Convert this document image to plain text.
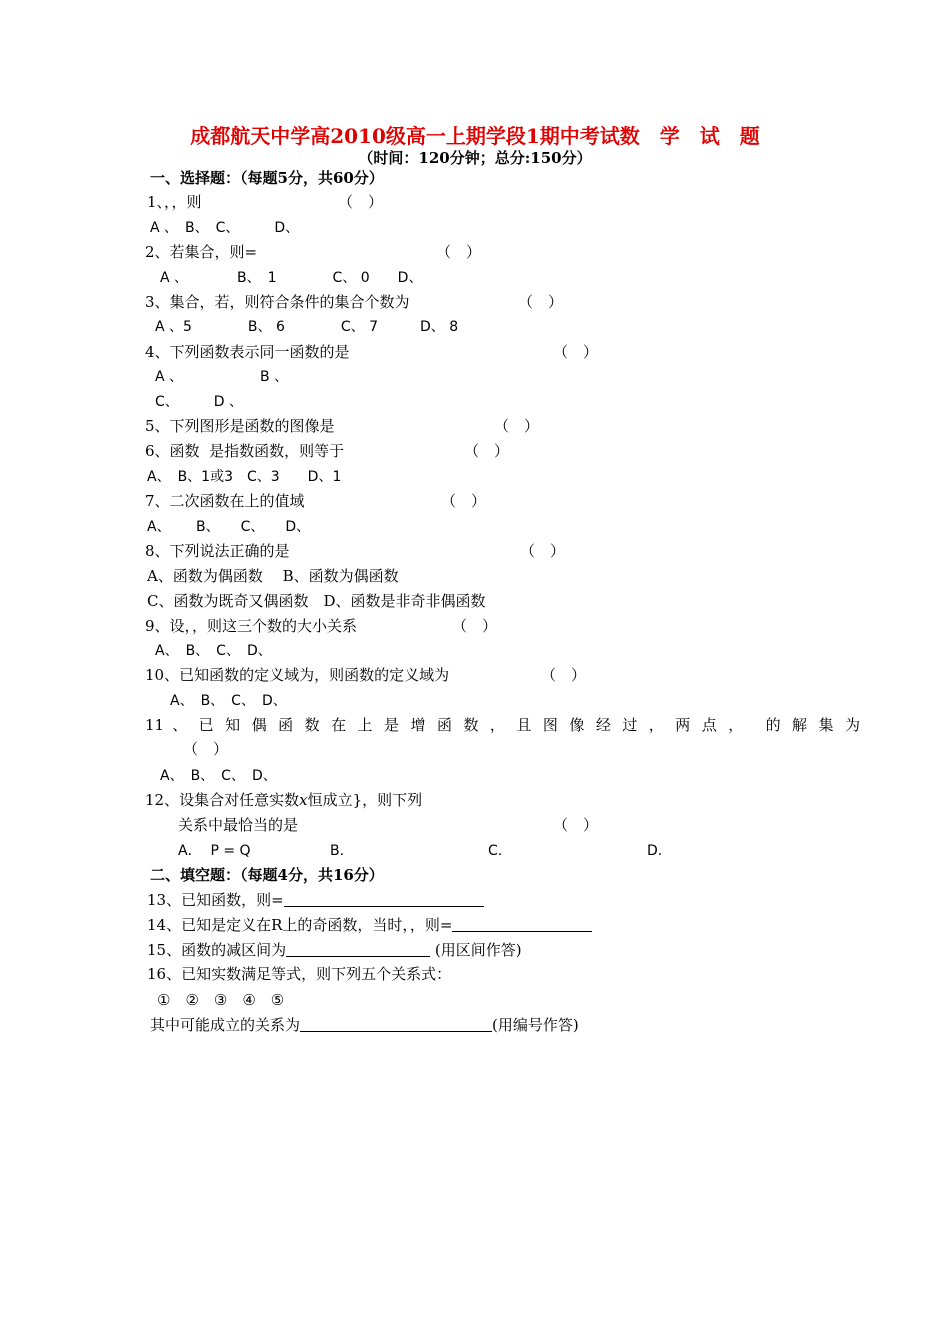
成都航天中学高2010级高一上期学段1期中考试数　学　试　题
（时间：120分钟；总分:150分）
一、选择题：（每题5分，共60分）
1、，，则	（　）
A 、　B、　C、　　　D、
2、若集合，则=	（　）
A 、　　　　B、　1　　　　C、 0　　D、
3、集合，若，则符合条件的集合个数为	（　）
A 、5　　　　B、 6　　　　C、 7　　　D、 8
4、下列函数表示同一函数的是	（　）
A 、　　　　　　B 、
C、　　　D 、
5、下列图形是函数的图像是	（　）
6、函数  是指数函数，则等于	（　）
A、　B、1或3　C、3　　D、1
7、二次函数在上的值域	（　）
A、　　 B、　　C、　　D、
8、下列说法正确的是	（　）
A、函数为偶函数　 B、函数为偶函数
C、函数为既奇又偶函数　D、函数是非奇非偶函数
9、设，，则这三个数的大小关系	（　）
A、　B、　C、　D、
10、已知函数的定义域为，则函数的定义域为	（　）
A、　B、　C、　D、
11 、 已 知 偶 函 数 在 上 是 增 函 数 ， 且 图 像 经 过 ， 两 点 ，　 的 解 集 为
（　）
A、　B、　C、　D、
12、设集合对任意实数x恒成立}，则下列
关系中最恰当的是	（　）
A．  P = Q	B.	C.	D.
二、填空题：（每题4分，共16分）
13、已知函数，则=
14、已知是定义在R上的奇函数，当时，，则=
15、函数的减区间为	(用区间作答)
16、已知实数满足等式，则下列五个关系式：
①　②　③　④　⑤
其中可能成立的关系为	(用编号作答)
